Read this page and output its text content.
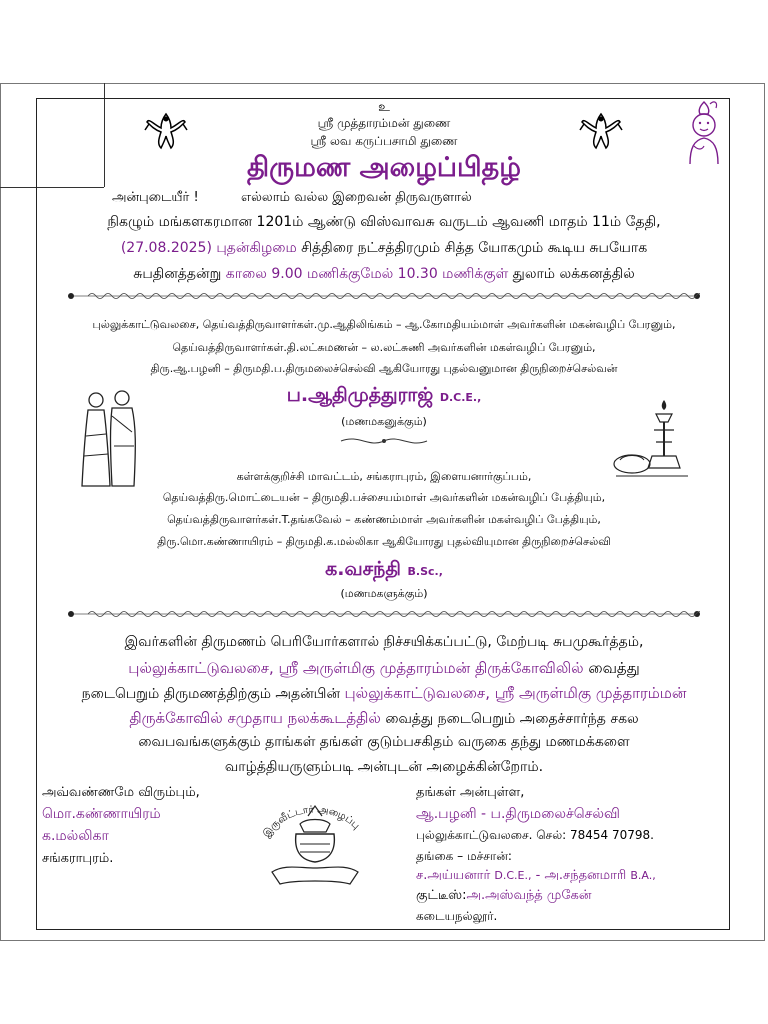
உ
ஸ்ரீ முத்தாரம்மன் துணை
ஸ்ரீ லவ கருப்பசாமி துணை
திருமண அழைப்பிதழ்
அன்புடையீர் !	எல்லாம் வல்ல இறைவன் திருவருளால்
நிகழும் மங்களகரமான 1201ம் ஆண்டு விஸ்வாவசு வருடம் ஆவணி மாதம் 11ம் தேதி,
(27.08.2025) புதன்கிழமை சித்திரை நட்சத்திரமும் சித்த யோகமும் கூடிய சுபயோக
சுபதினத்தன்று காலை 9.00 மணிக்குமேல் 10.30 மணிக்குள் துலாம் லக்கனத்தில்
புல்லுக்காட்டுவலசை, தெய்வத்திருவாளர்கள்.மு.ஆதிலிங்கம் – ஆ.கோமதியம்மாள் அவர்களின் மகன்வழிப் பேரனும்,
தெய்வத்திருவாளர்கள்.தி.லட்சுமணன் – ல.லட்சுணி அவர்களின் மகள்வழிப் பேரனும்,
திரு.ஆ.பழனி – திருமதி.ப.திருமலைச்செல்வி ஆகியோரது புதல்வனுமான திருநிறைச்செல்வன்
ப.ஆதிமுத்துராஜ் D.C.E.,
(மணமகனுக்கும்)
கள்ளக்குறிச்சி மாவட்டம், சங்கராபுரம், இளையனார்குப்பம்,
தெய்வத்திரு.மொட்டையன் – திருமதி.பச்சையம்மாள் அவர்களின் மகன்வழிப் பேத்தியும்,
தெய்வத்திருவாளர்கள்.T.தங்கவேல் – கண்ணம்மாள் அவர்களின் மகள்வழிப் பேத்தியும்,
திரு.மொ.கண்ணாயிரம் – திருமதி.க.மல்லிகா ஆகியோரது புதல்வியுமான திருநிறைச்செல்வி
க.வசந்தி B.Sc.,
(மணமகளுக்கும்)
இவர்களின் திருமணம் பெரியோர்களால் நிச்சயிக்கப்பட்டு, மேற்படி சுபமுகூர்த்தம்,
புல்லுக்காட்டுவலசை, ஸ்ரீ அருள்மிகு முத்தாரம்மன் திருக்கோவிலில் வைத்து
நடைபெறும் திருமணத்திற்கும் அதன்பின் புல்லுக்காட்டுவலசை, ஸ்ரீ அருள்மிகு முத்தாரம்மன்
திருக்கோவில் சமுதாய நலக்கூடத்தில் வைத்து நடைபெறும் அதைச்சார்ந்த சகல
வைபவங்களுக்கும் தாங்கள் தங்கள் குடும்பசகிதம் வருகை தந்து மணமக்களை
வாழ்த்தியருளும்படி அன்புடன் அழைக்கின்றோம்.
அவ்வண்ணமே விரும்பும்,
மொ.கண்ணாயிரம்
க.மல்லிகா
சங்கராபுரம்.
இருவீட்டார் அழைப்பு
தங்கள் அன்புள்ள,
ஆ.பழனி - ப.திருமலைச்செல்வி
புல்லுக்காட்டுவலசை. செல்: 78454 70798.
தங்கை – மச்சான்:
ச.அய்யனார் D.C.E., - அ.சந்தனமாரி B.A.,
குட்டீஸ்:அ.அஸ்வந்த் முகேன்
கடையநல்லூர்.
